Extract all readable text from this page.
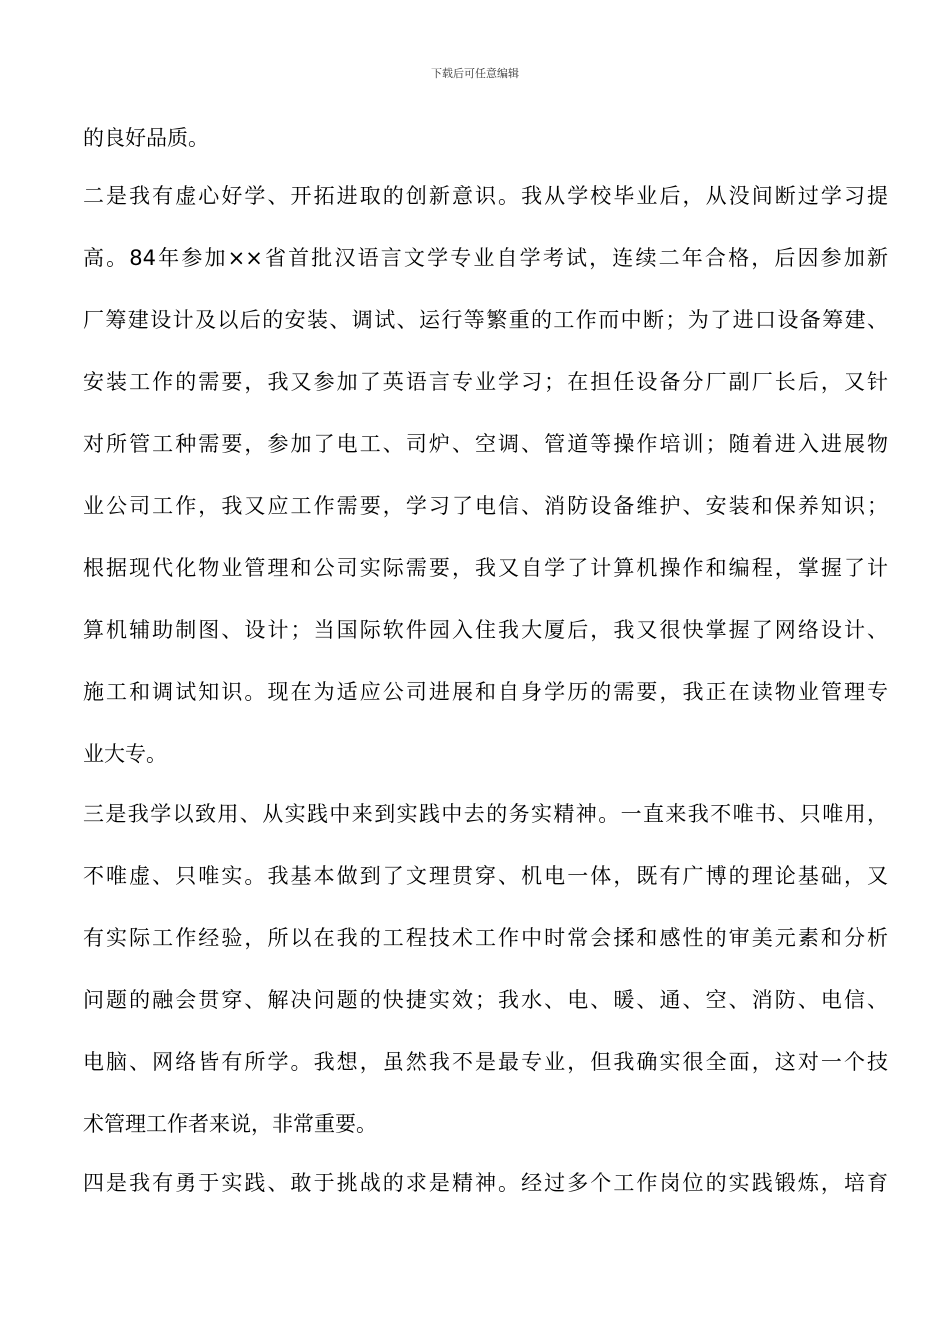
下载后可任意编辑
的良好品质。
二是我有虚心好学、开拓进取的创新意识。我从学校毕业后，从没间断过学习提
高。84年参加××省首批汉语言文学专业自学考试，连续二年合格，后因参加新
厂筹建设计及以后的安装、调试、运行等繁重的工作而中断；为了进口设备筹建、
安装工作的需要，我又参加了英语言专业学习；在担任设备分厂副厂长后，又针
对所管工种需要，参加了电工、司炉、空调、管道等操作培训；随着进入进展物
业公司工作，我又应工作需要，学习了电信、消防设备维护、安装和保养知识；
根据现代化物业管理和公司实际需要，我又自学了计算机操作和编程，掌握了计
算机辅助制图、设计；当国际软件园入住我大厦后，我又很快掌握了网络设计、
施工和调试知识。现在为适应公司进展和自身学历的需要，我正在读物业管理专
业大专。
三是我学以致用、从实践中来到实践中去的务实精神。一直来我不唯书、只唯用，
不唯虚、只唯实。我基本做到了文理贯穿、机电一体，既有广博的理论基础，又
有实际工作经验，所以在我的工程技术工作中时常会揉和感性的审美元素和分析
问题的融会贯穿、解决问题的快捷实效；我水、电、暖、通、空、消防、电信、
电脑、网络皆有所学。我想，虽然我不是最专业，但我确实很全面，这对一个技
术管理工作者来说，非常重要。
四是我有勇于实践、敢于挑战的求是精神。经过多个工作岗位的实践锻炼，培育
